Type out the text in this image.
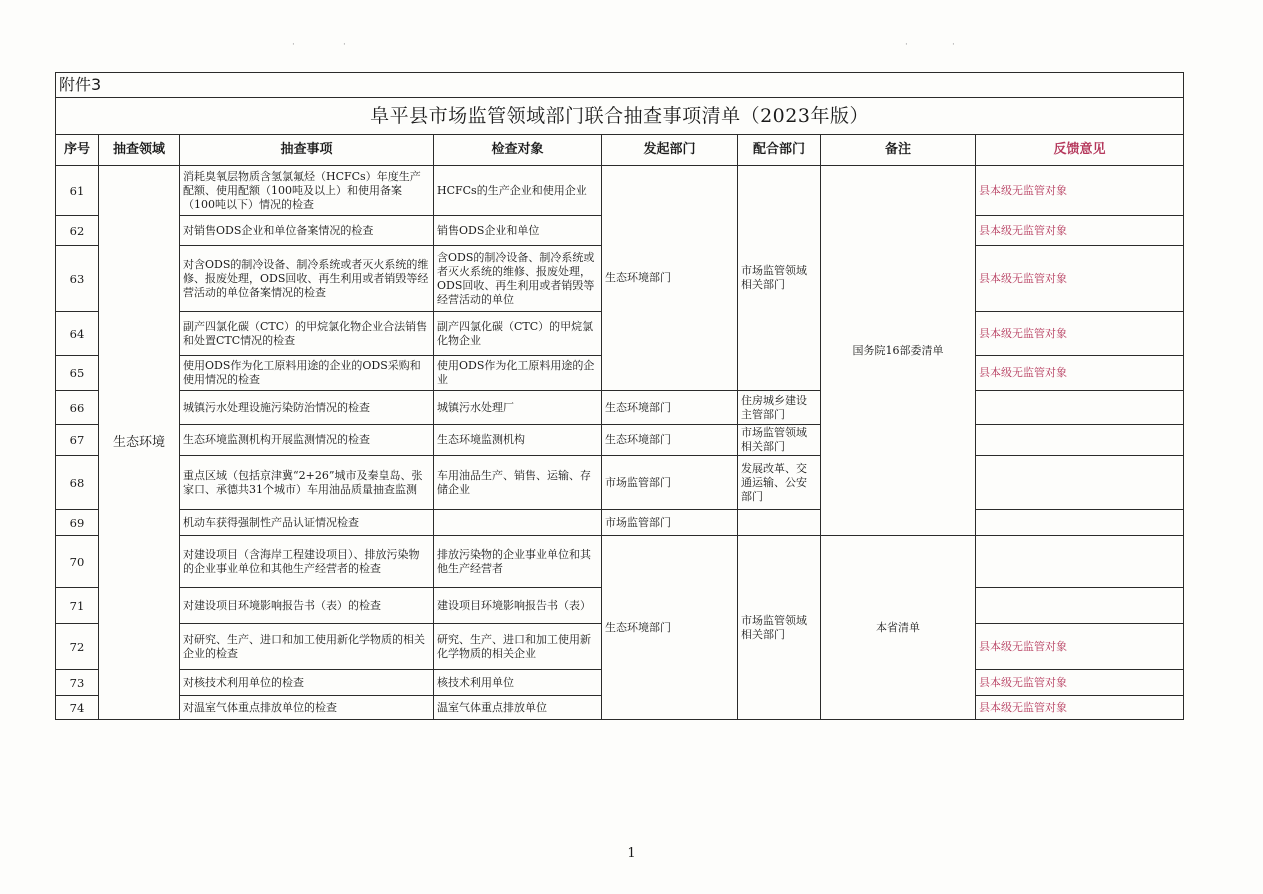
·	·	·	·
附件3							
阜平县市场监管领域部门联合抽查事项清单（2023年版）							
序号	抽查领域	抽查事项	检查对象	发起部门	配合部门	备注	反馈意见
61	生态环境	消耗臭氧层物质含氢氯氟烃（HCFCs）年度生产配额、使用配额（100吨及以上）和使用备案（100吨以下）情况的检查	HCFCs的生产企业和使用企业	生态环境部门	市场监管领域相关部门	国务院16部委清单	县本级无监管对象
62		对销售ODS企业和单位备案情况的检查	销售ODS企业和单位				县本级无监管对象
63		对含ODS的制冷设备、制冷系统或者灭火系统的维修、报废处理，ODS回收、再生利用或者销毁等经营活动的单位备案情况的检查	含ODS的制冷设备、制冷系统或者灭火系统的维修、报废处理，ODS回收、再生利用或者销毁等经营活动的单位				县本级无监管对象
64		副产四氯化碳（CTC）的甲烷氯化物企业合法销售和处置CTC情况的检查	副产四氯化碳（CTC）的甲烷氯化物企业				县本级无监管对象
65		使用ODS作为化工原料用途的企业的ODS采购和使用情况的检查	使用ODS作为化工原料用途的企业				县本级无监管对象
66		城镇污水处理设施污染防治情况的检查	城镇污水处理厂	生态环境部门	住房城乡建设主管部门		
67		生态环境监测机构开展监测情况的检查	生态环境监测机构	生态环境部门	市场监管领域相关部门		
68		重点区域（包括京津冀“2+26”城市及秦皇岛、张家口、承德共31个城市）车用油品质量抽查监测	车用油品生产、销售、运输、存储企业	市场监管部门	发展改革、交通运输、公安部门		
69		机动车获得强制性产品认证情况检查		市场监管部门			
70		对建设项目（含海岸工程建设项目）、排放污染物的企业事业单位和其他生产经营者的检查	排放污染物的企业事业单位和其他生产经营者	生态环境部门	市场监管领域相关部门	本省清单	
71		对建设项目环境影响报告书（表）的检查	建设项目环境影响报告书（表）				
72		对研究、生产、进口和加工使用新化学物质的相关企业的检查	研究、生产、进口和加工使用新化学物质的相关企业				县本级无监管对象
73		对核技术利用单位的检查	核技术利用单位				县本级无监管对象
74		对温室气体重点排放单位的检查	温室气体重点排放单位				县本级无监管对象
1
